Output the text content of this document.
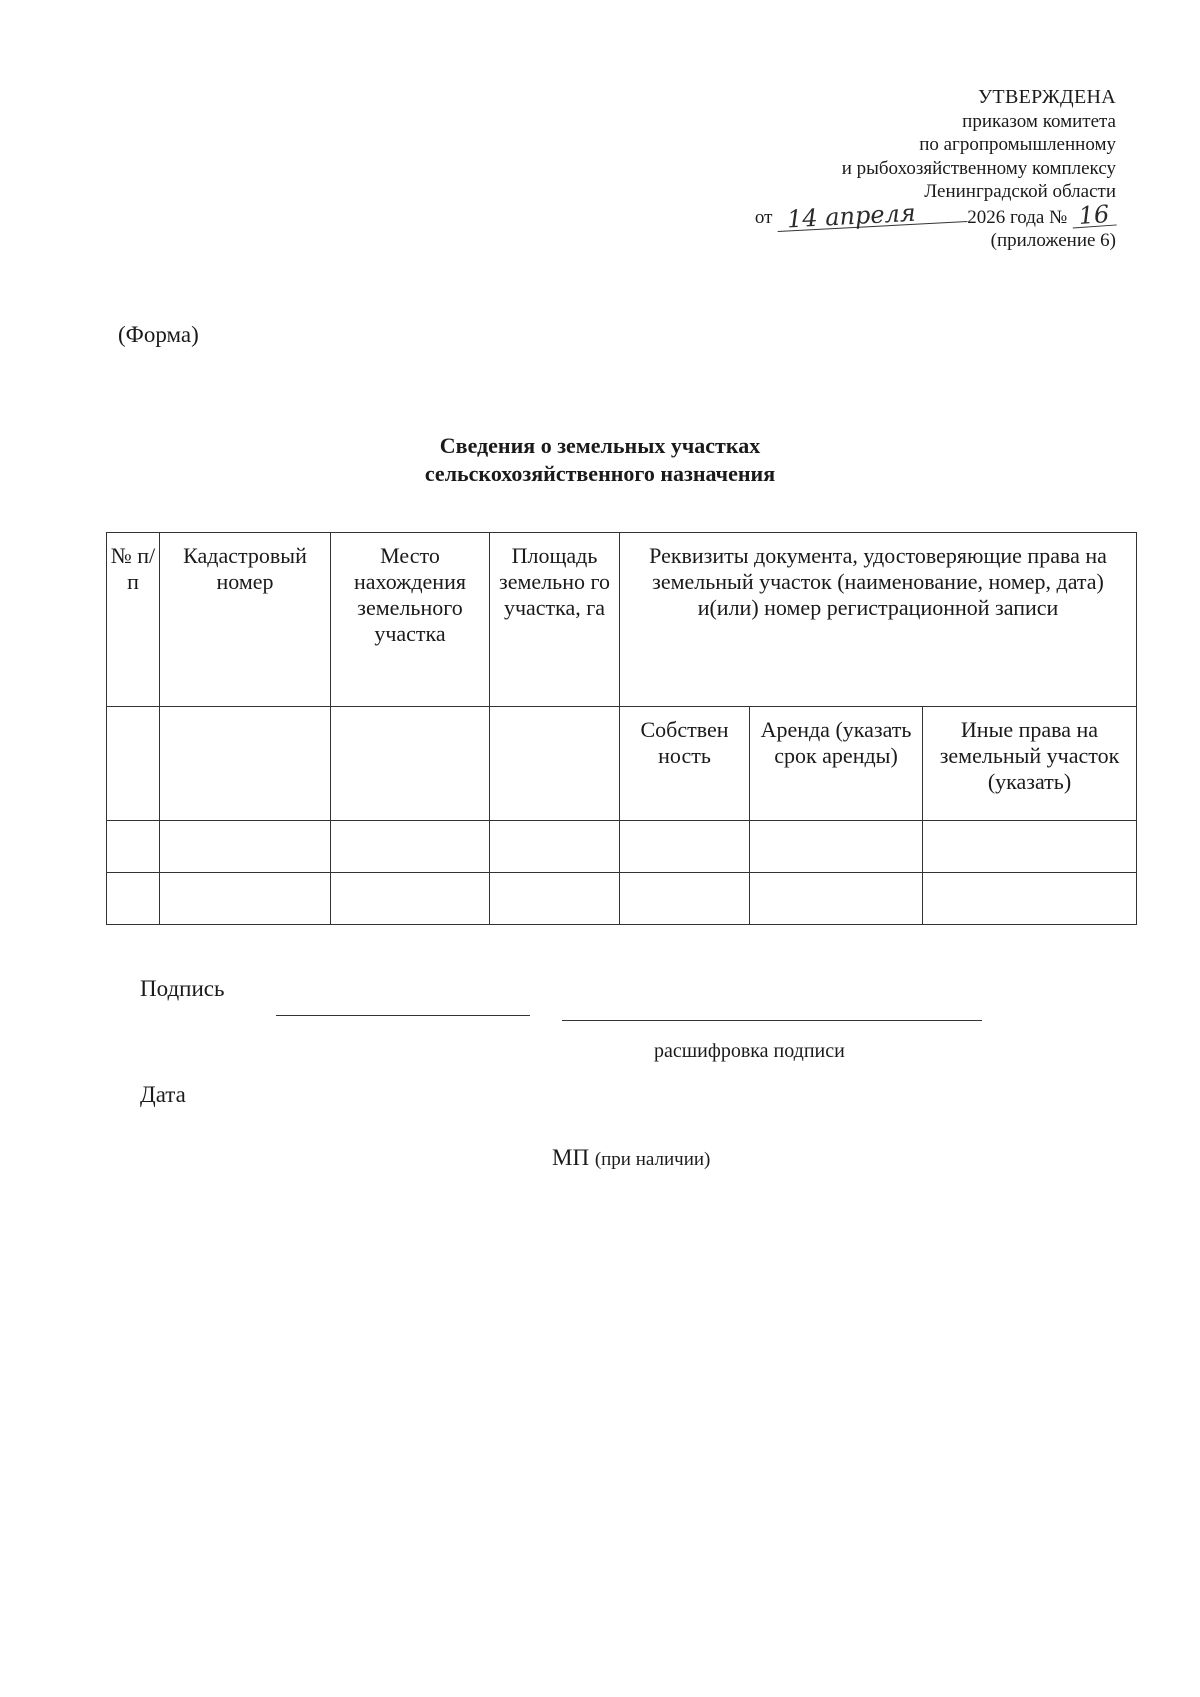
УТВЕРЖДЕНА
приказом комитета
по агропромышленному
и рыбохозяйственному комплексу
Ленинградской области
от 14 апреля	2026 года № 16
(приложение 6)
(Форма)
Сведения о земельных участках
сельскохозяйственного назначения
№ п/п	Кадастровый номер	Место нахождения земельного участка	Площадь земельно го участка, га	Реквизиты документа, удостоверяющие права на земельный участок (наименование, номер, дата) и(или) номер регистрационной записи		
				Собствен ность	Аренда (указать срок аренды)	Иные права на земельный участок (указать)

Подпись
расшифровка подписи
Дата
МП (при наличии)
